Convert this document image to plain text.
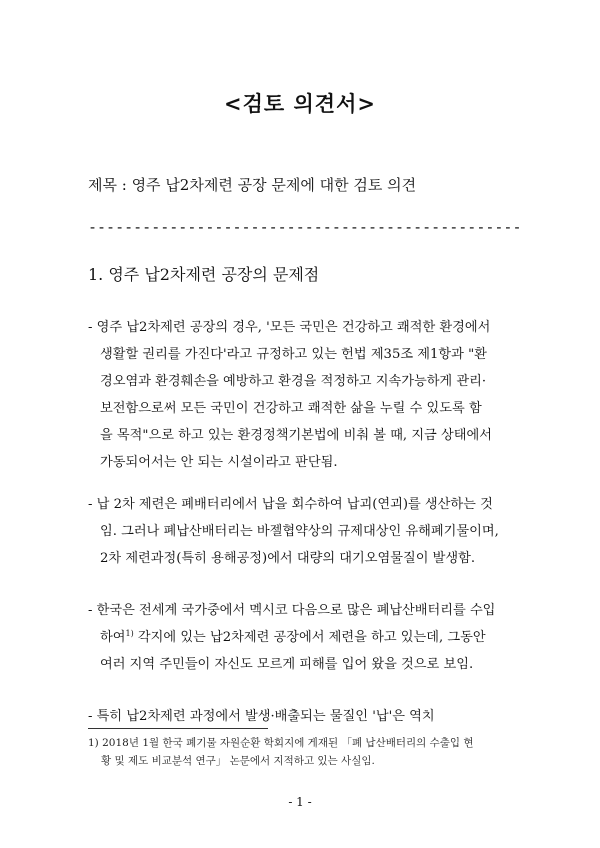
<검토 의견서>
제목 : 영주 납2차제련 공장 문제에 대한 검토 의견
------------------------------------------------
1. 영주 납2차제련 공장의 문제점
- 영주 납2차제련 공장의 경우, '모든 국민은 건강하고 쾌적한 환경에서
생활할 권리를 가진다'라고 규정하고 있는 헌법 제35조 제1항과 "환
경오염과 환경훼손을 예방하고 환경을 적정하고 지속가능하게 관리·
보전함으로써 모든 국민이 건강하고 쾌적한 삶을 누릴 수 있도록 함
을 목적"으로 하고 있는 환경정책기본법에 비춰 볼 때, 지금 상태에서
가동되어서는 안 되는 시설이라고 판단됨.
- 납 2차 제련은 폐배터리에서 납을 회수하여 납괴(연괴)를 생산하는 것
임. 그러나 폐납산배터리는 바젤협약상의 규제대상인 유해폐기물이며,
2차 제련과정(특히 용해공정)에서 대량의 대기오염물질이 발생함.
- 한국은 전세계 국가중에서 멕시코 다음으로 많은 폐납산배터리를 수입
하여$^{1)}$ 각지에 있는 납2차제련 공장에서 제련을 하고 있는데, 그동안
여러 지역 주민들이 자신도 모르게 피해를 입어 왔을 것으로 보임.
- 특히 납2차제련 과정에서 발생·배출되는 물질인 '납'은 역치
1) 2018년 1월 한국 폐기물 자원순환 학회지에 게재된 「폐 납산배터리의 수출입 현
황 및 제도 비교분석 연구」 논문에서 지적하고 있는 사실임.
- 1 -
